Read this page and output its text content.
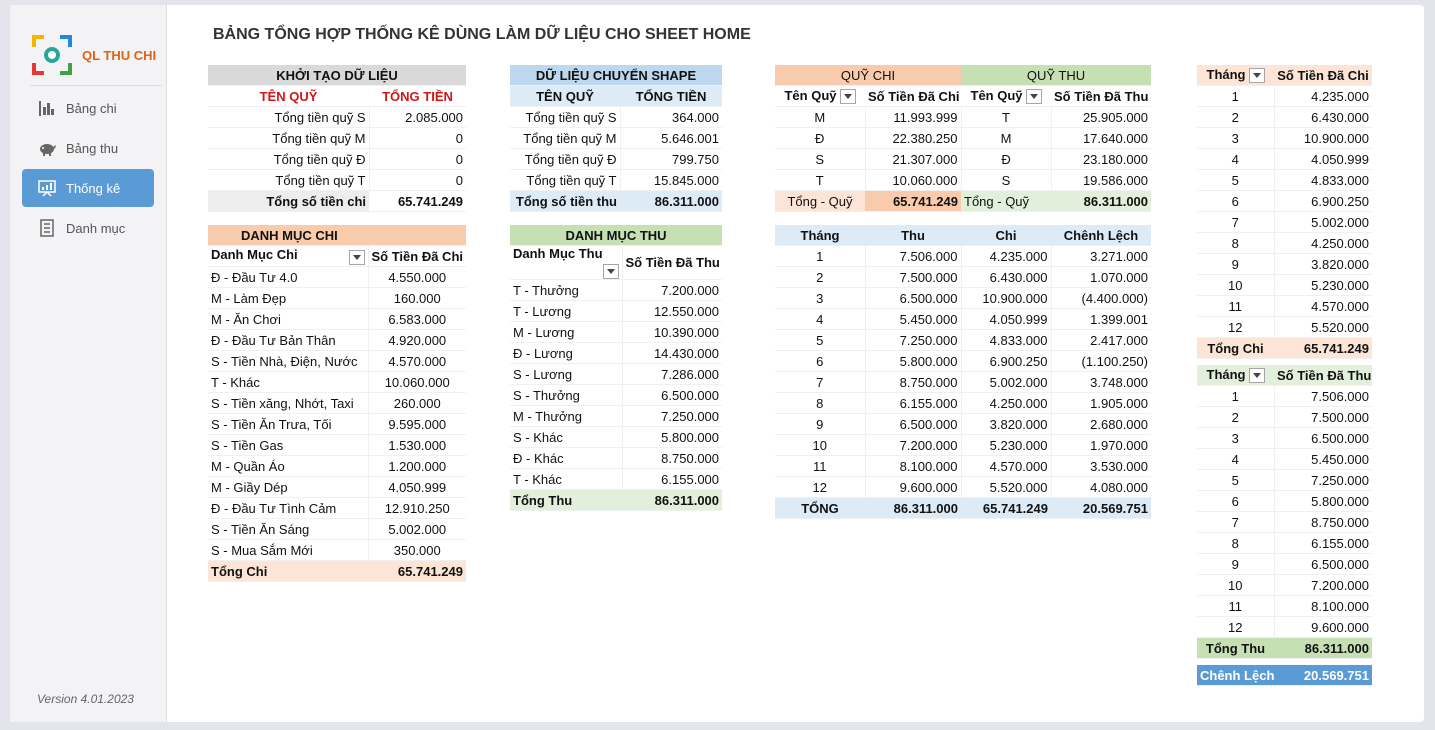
QL THU CHI
Bảng chi
Bảng thu
Thống kê
Danh mục
Version 4.01.2023
BẢNG TỔNG HỢP THỐNG KÊ DÙNG LÀM DỮ LIỆU CHO SHEET HOME
KHỞI TẠO DỮ LIỆU	
TÊN QUỸ	TỔNG TIỀN
Tổng tiền quỹ S	2.085.000
Tổng tiền quỹ M	0
Tổng tiền quỹ Đ	0
Tổng tiền quỹ T	0
Tổng số tiền chi	65.741.249
DỮ LIỆU CHUYỂN SHAPE	
TÊN QUỸ	TỔNG TIỀN
Tổng tiền quỹ S	364.000
Tổng tiền quỹ M	5.646.001
Tổng tiền quỹ Đ	799.750
Tổng tiền quỹ T	15.845.000
Tổng số tiền thu	86.311.000
QUỸ CHI		QUỸ THU	
Tên Quỹ	Số Tiền Đã Chi	Tên Quỹ	Số Tiền Đã Thu
M	11.993.999	T	25.905.000
Đ	22.380.250	M	17.640.000
S	21.307.000	Đ	23.180.000
T	10.060.000	S	19.586.000
Tổng - Quỹ	65.741.249	Tổng - Quỹ	86.311.000
DANH MỤC CHI	
Danh Mục Chi	Số Tiền Đã Chi
Đ - Đầu Tư 4.0	4.550.000
M - Làm Đẹp	160.000
M - Ăn Chơi	6.583.000
Đ - Đầu Tư Bản Thân	4.920.000
S - Tiền Nhà, Điện, Nước	4.570.000
T - Khác	10.060.000
S - Tiền xăng, Nhớt, Taxi	260.000
S - Tiền Ăn Trưa, Tối	9.595.000
S - Tiền Gas	1.530.000
M - Quần Áo	1.200.000
M - Giầy Dép	4.050.999
Đ - Đầu Tư Tình Cảm	12.910.250
S - Tiền Ăn Sáng	5.002.000
S - Mua Sắm Mới	350.000
Tổng Chi	65.741.249
DANH MỤC THU	
Danh Mục Thu	Số Tiền Đã Thu
T - Thưởng	7.200.000
T - Lương	12.550.000
M - Lương	10.390.000
Đ - Lương	14.430.000
S - Lương	7.286.000
S - Thưởng	6.500.000
M - Thưởng	7.250.000
S - Khác	5.800.000
Đ - Khác	8.750.000
T - Khác	6.155.000
Tổng Thu	86.311.000
Tháng	Thu	Chi	Chênh Lệch
1	7.506.000	4.235.000	3.271.000
2	7.500.000	6.430.000	1.070.000
3	6.500.000	10.900.000	(4.400.000)
4	5.450.000	4.050.999	1.399.001
5	7.250.000	4.833.000	2.417.000
6	5.800.000	6.900.250	(1.100.250)
7	8.750.000	5.002.000	3.748.000
8	6.155.000	4.250.000	1.905.000
9	6.500.000	3.820.000	2.680.000
10	7.200.000	5.230.000	1.970.000
11	8.100.000	4.570.000	3.530.000
12	9.600.000	5.520.000	4.080.000
TỔNG	86.311.000	65.741.249	20.569.751
Tháng	Số Tiền Đã Chi
1	4.235.000
2	6.430.000
3	10.900.000
4	4.050.999
5	4.833.000
6	6.900.250
7	5.002.000
8	4.250.000
9	3.820.000
10	5.230.000
11	4.570.000
12	5.520.000
Tổng Chi	65.741.249
Tháng	Số Tiền Đã Thu
1	7.506.000
2	7.500.000
3	6.500.000
4	5.450.000
5	7.250.000
6	5.800.000
7	8.750.000
8	6.155.000
9	6.500.000
10	7.200.000
11	8.100.000
12	9.600.000
Tổng Thu	86.311.000
Chênh Lệch	20.569.751
